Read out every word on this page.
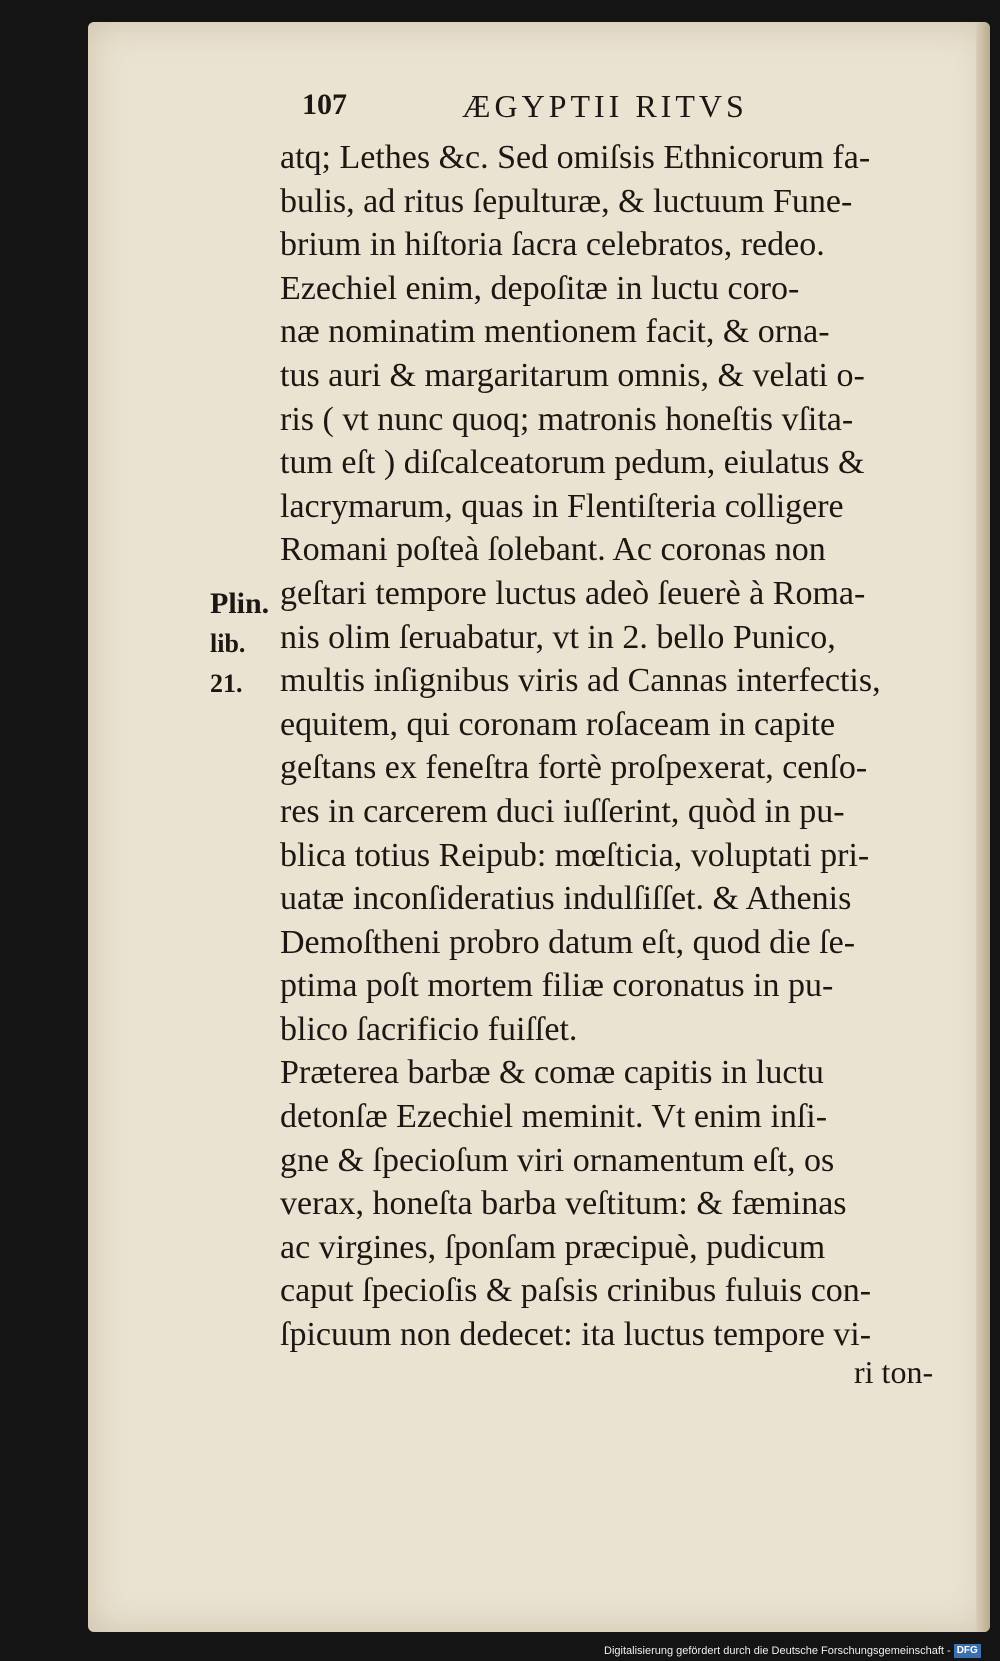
107	ÆGYPTII RITVS
Plin.
lib. 21.
atq; Lethes &c. Sed omiſsis Ethnicorum fa-
bulis, ad ritus ſepulturæ, & luctuum Fune-
brium in hiſtoria ſacra celebratos, redeo.
Ezechiel enim, depoſitæ in luctu coro-
næ nominatim mentionem facit, & orna-
tus auri & margaritarum omnis, & velati o-
ris ( vt nunc quoq; matronis honeſtis vſita-
tum eſt ) diſcalceatorum pedum, eiulatus &
lacrymarum, quas in Flentiſteria colligere
Romani poſteà ſolebant. Ac coronas non
geſtari tempore luctus adeò ſeuerè à Roma-
nis olim ſeruabatur, vt in 2. bello Punico,
multis inſignibus viris ad Cannas interfectis,
equitem, qui coronam roſaceam in capite
geſtans ex feneſtra fortè proſpexerat, cenſo-
res in carcerem duci iuſſerint, quòd in pu-
blica totius Reipub: mœſticia, voluptati pri-
uatæ inconſideratius indulſiſſet. & Athenis
Demoſtheni probro datum eſt, quod die ſe-
ptima poſt mortem filiæ coronatus in pu-
blico ſacrificio fuiſſet.
Præterea barbæ & comæ capitis in luctu
detonſæ Ezechiel meminit. Vt enim inſi-
gne & ſpecioſum viri ornamentum eſt, os
verax, honeſta barba veſtitum: & fæminas
ac virgines, ſponſam præcipuè, pudicum
caput ſpecioſis & paſsis crinibus fuluis con-
ſpicuum non dedecet: ita luctus tempore vi-
ri ton-
Digitalisierung gefördert durch die Deutsche Forschungsgemeinschaft - DFG
